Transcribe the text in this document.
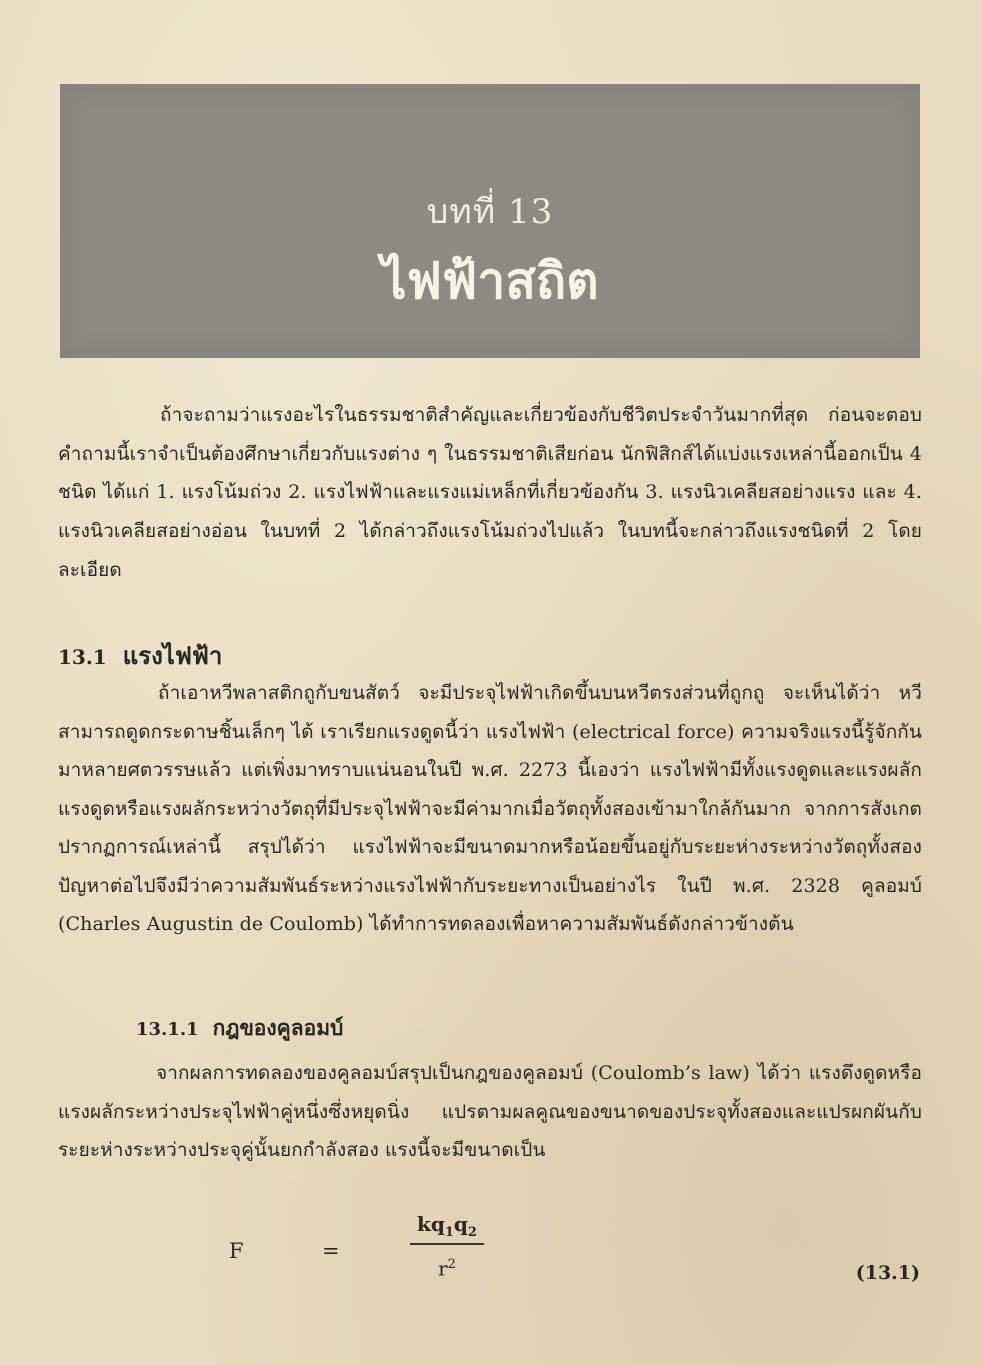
บทที่ 13
ไฟฟ้าสถิต

ถ้าจะถามว่าแรงอะไรในธรรมชาติสำคัญและเกี่ยวข้องกับชีวิตประจำวันมากที่สุด ก่อนจะตอบคำถามนี้เราจำเป็นต้องศึกษาเกี่ยวกับแรงต่าง ๆ ในธรรมชาติเสียก่อน นักฟิสิกส์ได้แบ่งแรงเหล่านี้ออกเป็น 4 ชนิด ได้แก่ 1. แรงโน้มถ่วง 2. แรงไฟฟ้าและแรงแม่เหล็กที่เกี่ยวข้องกัน 3. แรงนิวเคลียสอย่างแรง และ 4. แรงนิวเคลียสอย่างอ่อน ในบทที่ 2 ได้กล่าวถึงแรงโน้มถ่วงไปแล้ว ในบทนี้จะกล่าวถึงแรงชนิดที่ 2 โดยละเอียด

13.1 แรงไฟฟ้า

ถ้าเอาหวีพลาสติกถูกับขนสัตว์ จะมีประจุไฟฟ้าเกิดขึ้นบนหวีตรงส่วนที่ถูกถู จะเห็นได้ว่า หวีสามารถดูดกระดาษชิ้นเล็กๆ ได้ เราเรียกแรงดูดนี้ว่า แรงไฟฟ้า (electrical force) ความจริงแรงนี้รู้จักกันมาหลายศตวรรษแล้ว แต่เพิ่งมาทราบแน่นอนในปี พ.ศ. 2273 นี้เองว่า แรงไฟฟ้ามีทั้งแรงดูดและแรงผลัก แรงดูดหรือแรงผลักระหว่างวัตถุที่มีประจุไฟฟ้าจะมีค่ามากเมื่อวัตถุทั้งสองเข้ามาใกล้กันมาก จากการสังเกตปรากฏการณ์เหล่านี้ สรุปได้ว่า แรงไฟฟ้าจะมีขนาดมากหรือน้อยขึ้นอยู่กับระยะห่างระหว่างวัตถุทั้งสอง ปัญหาต่อไปจึงมีว่าความสัมพันธ์ระหว่างแรงไฟฟ้ากับระยะทางเป็นอย่างไร ในปี พ.ศ. 2328 คูลอมบ์ (Charles Augustin de Coulomb) ได้ทำการทดลองเพื่อหาความสัมพันธ์ดังกล่าวข้างต้น

13.1.1 กฎของคูลอมบ์

จากผลการทดลองของคูลอมบ์สรุปเป็นกฎของคูลอมบ์ (Coulomb’s law) ได้ว่า แรงดึงดูดหรือแรงผลักระหว่างประจุไฟฟ้าคู่หนึ่งซึ่งหยุดนิ่ง แปรตามผลคูณของขนาดของประจุทั้งสองและแปรผกผันกับระยะห่างระหว่างประจุคู่นั้นยกกำลังสอง แรงนี้จะมีขนาดเป็น

F	=
$kq_1q_2$
$r^2$	(13.1)
